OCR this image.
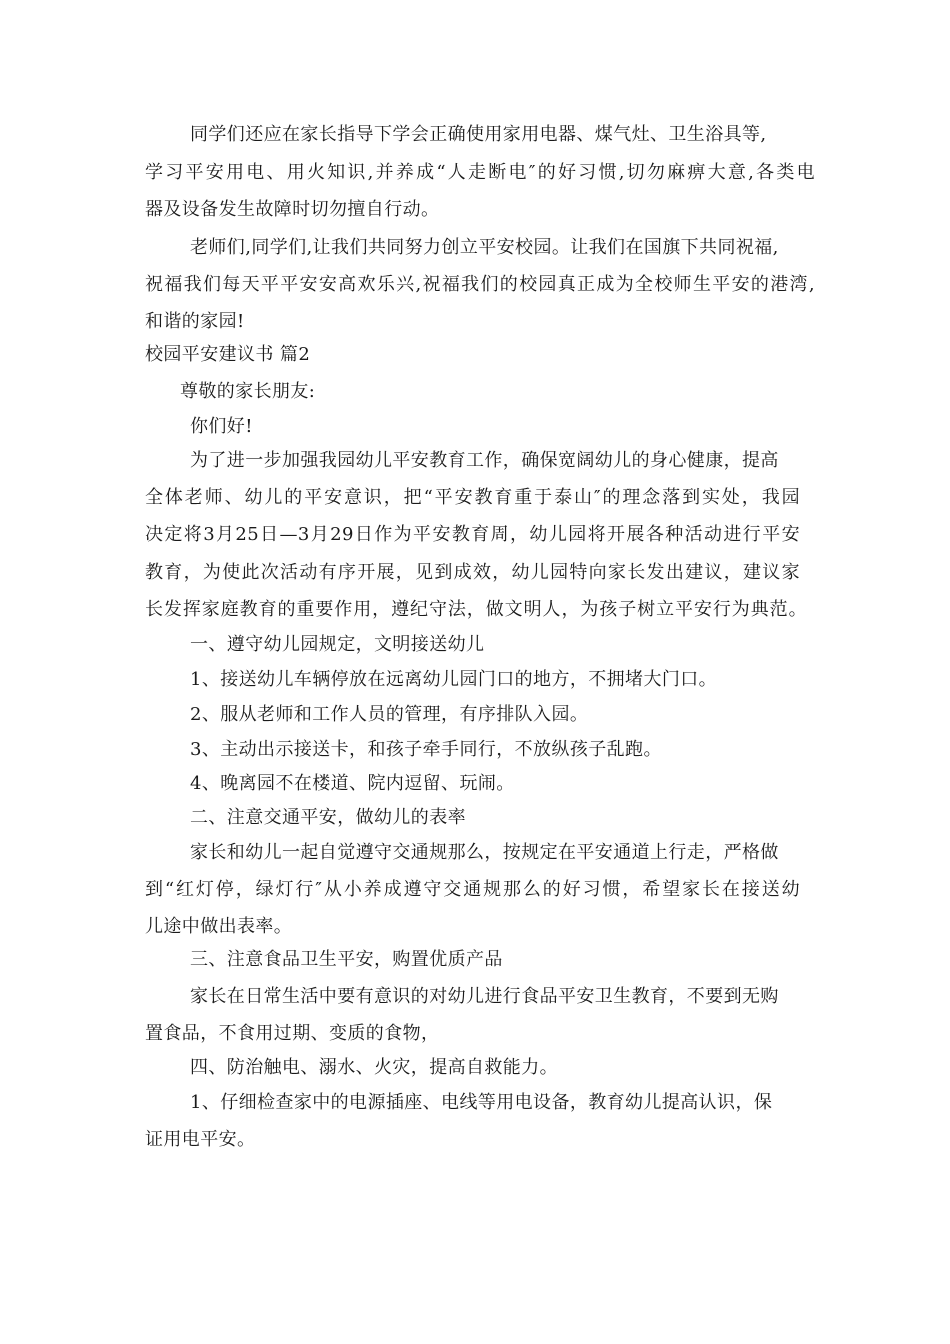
同学们还应在家长指导下学会正确使用家用电器、煤气灶、卫生浴具等,
学习平安用电、用火知识,并养成“人走断电″的好习惯,切勿麻痹大意,各类电
器及设备发生故障时切勿擅自行动。
老师们,同学们,让我们共同努力创立平安校园。让我们在国旗下共同祝福,
祝福我们每天平平安安高欢乐兴,祝福我们的校园真正成为全校师生平安的港湾,
和谐的家园!
校园平安建议书 篇2
尊敬的家长朋友:
你们好!
为了进一步加强我园幼儿平安教育工作，确保宽阔幼儿的身心健康，提高
全体老师、幼儿的平安意识，把“平安教育重于泰山″的理念落到实处，我园
决定将3月25日—3月29日作为平安教育周，幼儿园将开展各种活动进行平安
教育，为使此次活动有序开展，见到成效，幼儿园特向家长发出建议，建议家
长发挥家庭教育的重要作用，遵纪守法，做文明人，为孩子树立平安行为典范。
一、遵守幼儿园规定，文明接送幼儿
1、接送幼儿车辆停放在远离幼儿园门口的地方，不拥堵大门口。
2、服从老师和工作人员的管理，有序排队入园。
3、主动出示接送卡，和孩子牵手同行，不放纵孩子乱跑。
4、晚离园不在楼道、院内逗留、玩闹。
二、注意交通平安，做幼儿的表率
家长和幼儿一起自觉遵守交通规那么，按规定在平安通道上行走，严格做
到“红灯停，绿灯行″从小养成遵守交通规那么的好习惯，希望家长在接送幼
儿途中做出表率。
三、注意食品卫生平安，购置优质产品
家长在日常生活中要有意识的对幼儿进行食品平安卫生教育，不要到无购
置食品，不食用过期、变质的食物，
四、防治触电、溺水、火灾，提高自救能力。
1、仔细检查家中的电源插座、电线等用电设备，教育幼儿提高认识，保
证用电平安。
